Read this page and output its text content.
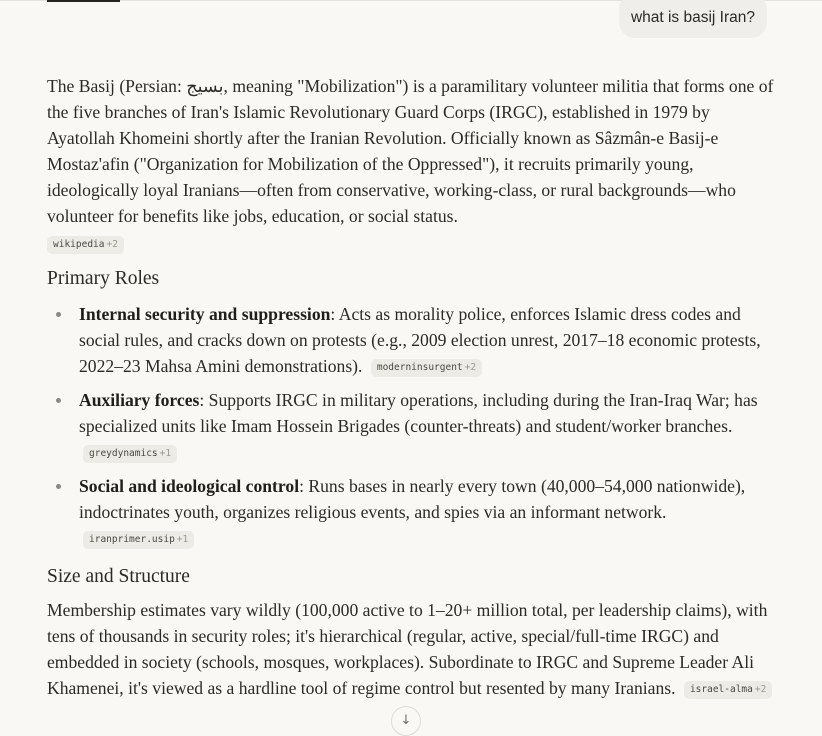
what is basij Iran?

The Basij (Persian: بسیج, meaning "Mobilization") is a paramilitary volunteer militia that forms one of the five branches of Iran's Islamic Revolutionary Guard Corps (IRGC), established in 1979 by Ayatollah Khomeini shortly after the Iranian Revolution. Officially known as Sâzmân-e Basij-e Mostaz'afin ("Organization for Mobilization of the Oppressed"), it recruits primarily young, ideologically loyal Iranians—often from conservative, working-class, or rural backgrounds—who volunteer for benefits like jobs, education, or social status.

wikipedia +2
Primary Roles
Internal security and suppression: Acts as morality police, enforces Islamic dress codes and social rules, and cracks down on protests (e.g., 2009 election unrest, 2017–18 economic protests, 2022–23 Mahsa Amini demonstrations). moderninsurgent +2
Auxiliary forces: Supports IRGC in military operations, including during the Iran-Iraq War; has specialized units like Imam Hossein Brigades (counter-threats) and student/worker branches. greydynamics +1
Social and ideological control: Runs bases in nearly every town (40,000–54,000 nationwide), indoctrinates youth, organizes religious events, and spies via an informant network. iranprimer.usip +1
Size and Structure

Membership estimates vary wildly (100,000 active to 1–20+ million total, per leadership claims), with tens of thousands in security roles; it's hierarchical (regular, active, special/full-time IRGC) and embedded in society (schools, mosques, workplaces). Subordinate to IRGC and Supreme Leader Ali Khamenei, it's viewed as a hardline tool of regime control but resented by many Iranians. israel-alma +2

↓
